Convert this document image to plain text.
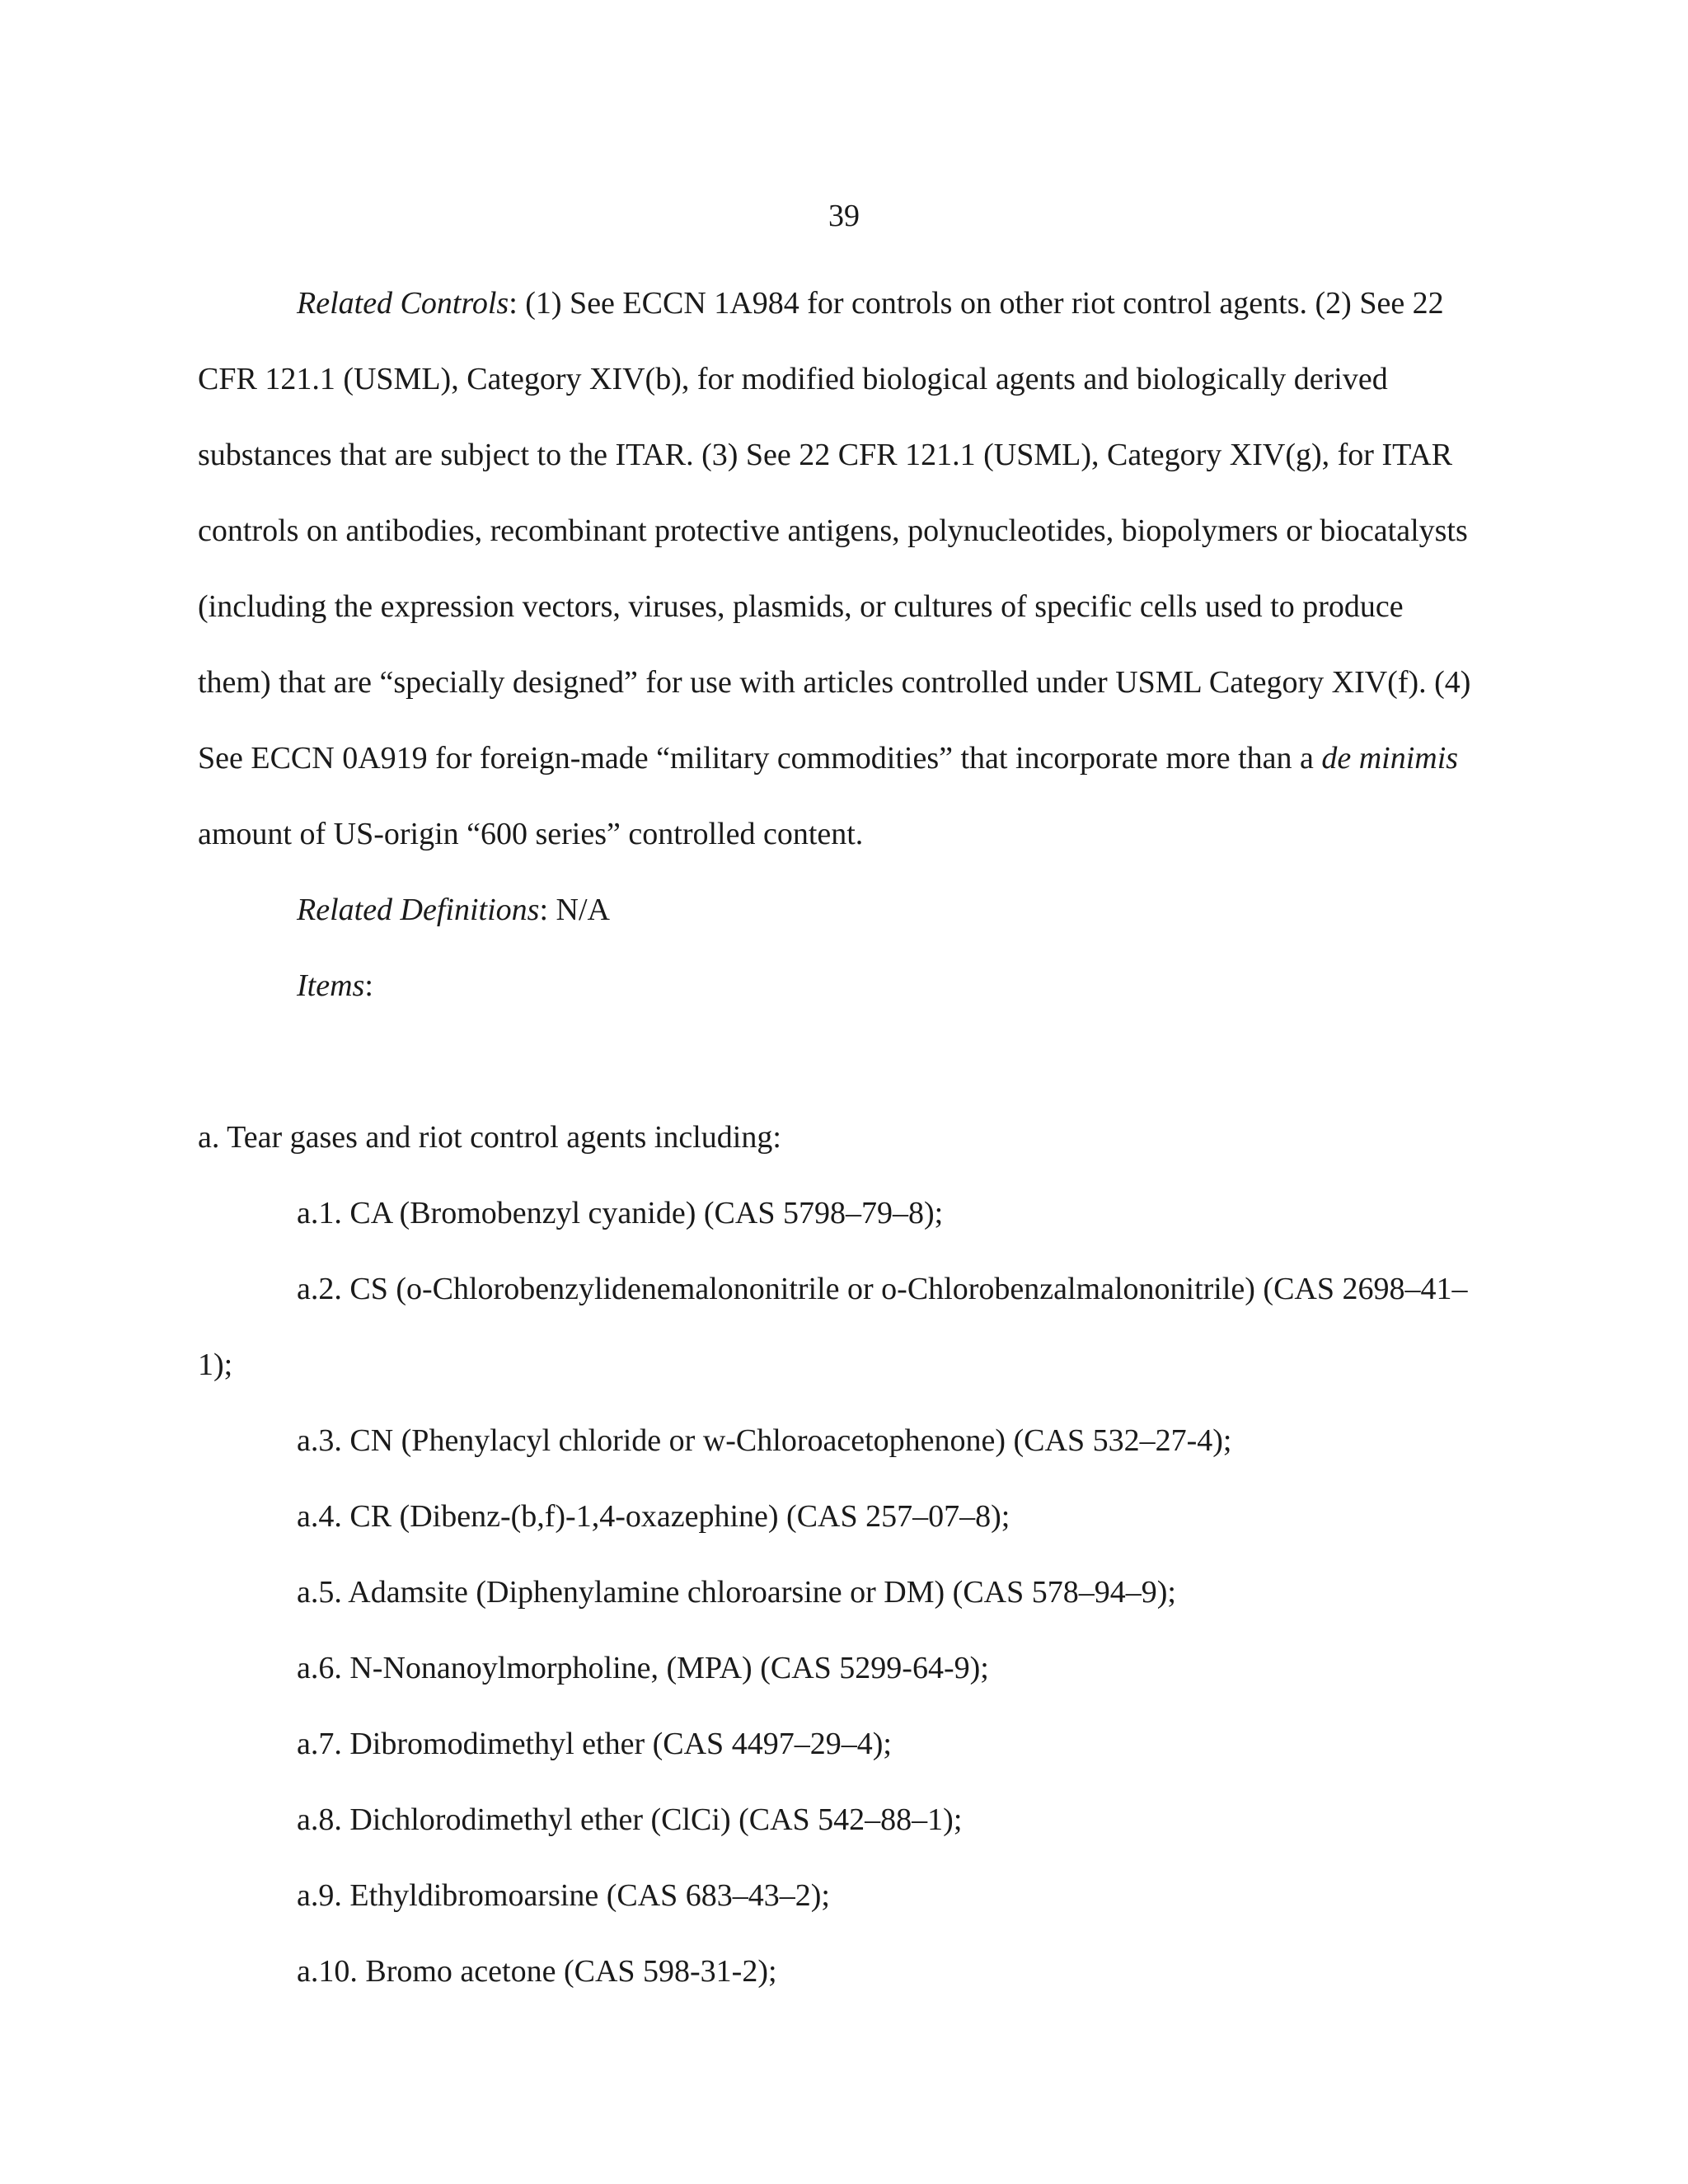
39

Related Controls: (1) See ECCN 1A984 for controls on other riot control agents. (2) See 22 CFR 121.1 (USML), Category XIV(b), for modified biological agents and biologically derived substances that are subject to the ITAR. (3) See 22 CFR 121.1 (USML), Category XIV(g), for ITAR controls on antibodies, recombinant protective antigens, polynucleotides, biopolymers or biocatalysts (including the expression vectors, viruses, plasmids, or cultures of specific cells used to produce them) that are “specially designed” for use with articles controlled under USML Category XIV(f). (4) See ECCN 0A919 for foreign-made “military commodities” that incorporate more than a de minimis amount of US-origin “600 series” controlled content.

Related Definitions: N/A

Items:

a. Tear gases and riot control agents including:

a.1. CA (Bromobenzyl cyanide) (CAS 5798–79–8);

a.2. CS (o-Chlorobenzylidenemalononitrile or o-Chlorobenzalmalononitrile) (CAS 2698–41–1);

a.3. CN (Phenylacyl chloride or w-Chloroacetophenone) (CAS 532–27-4);

a.4. CR (Dibenz-(b,f)-1,4-oxazephine) (CAS 257–07–8);

a.5. Adamsite (Diphenylamine chloroarsine or DM) (CAS 578–94–9);

a.6. N-Nonanoylmorpholine, (MPA) (CAS 5299-64-9);

a.7. Dibromodimethyl ether (CAS 4497–29–4);

a.8. Dichlorodimethyl ether (ClCi) (CAS 542–88–1);

a.9. Ethyldibromoarsine (CAS 683–43–2);

a.10. Bromo acetone (CAS 598-31-2);
